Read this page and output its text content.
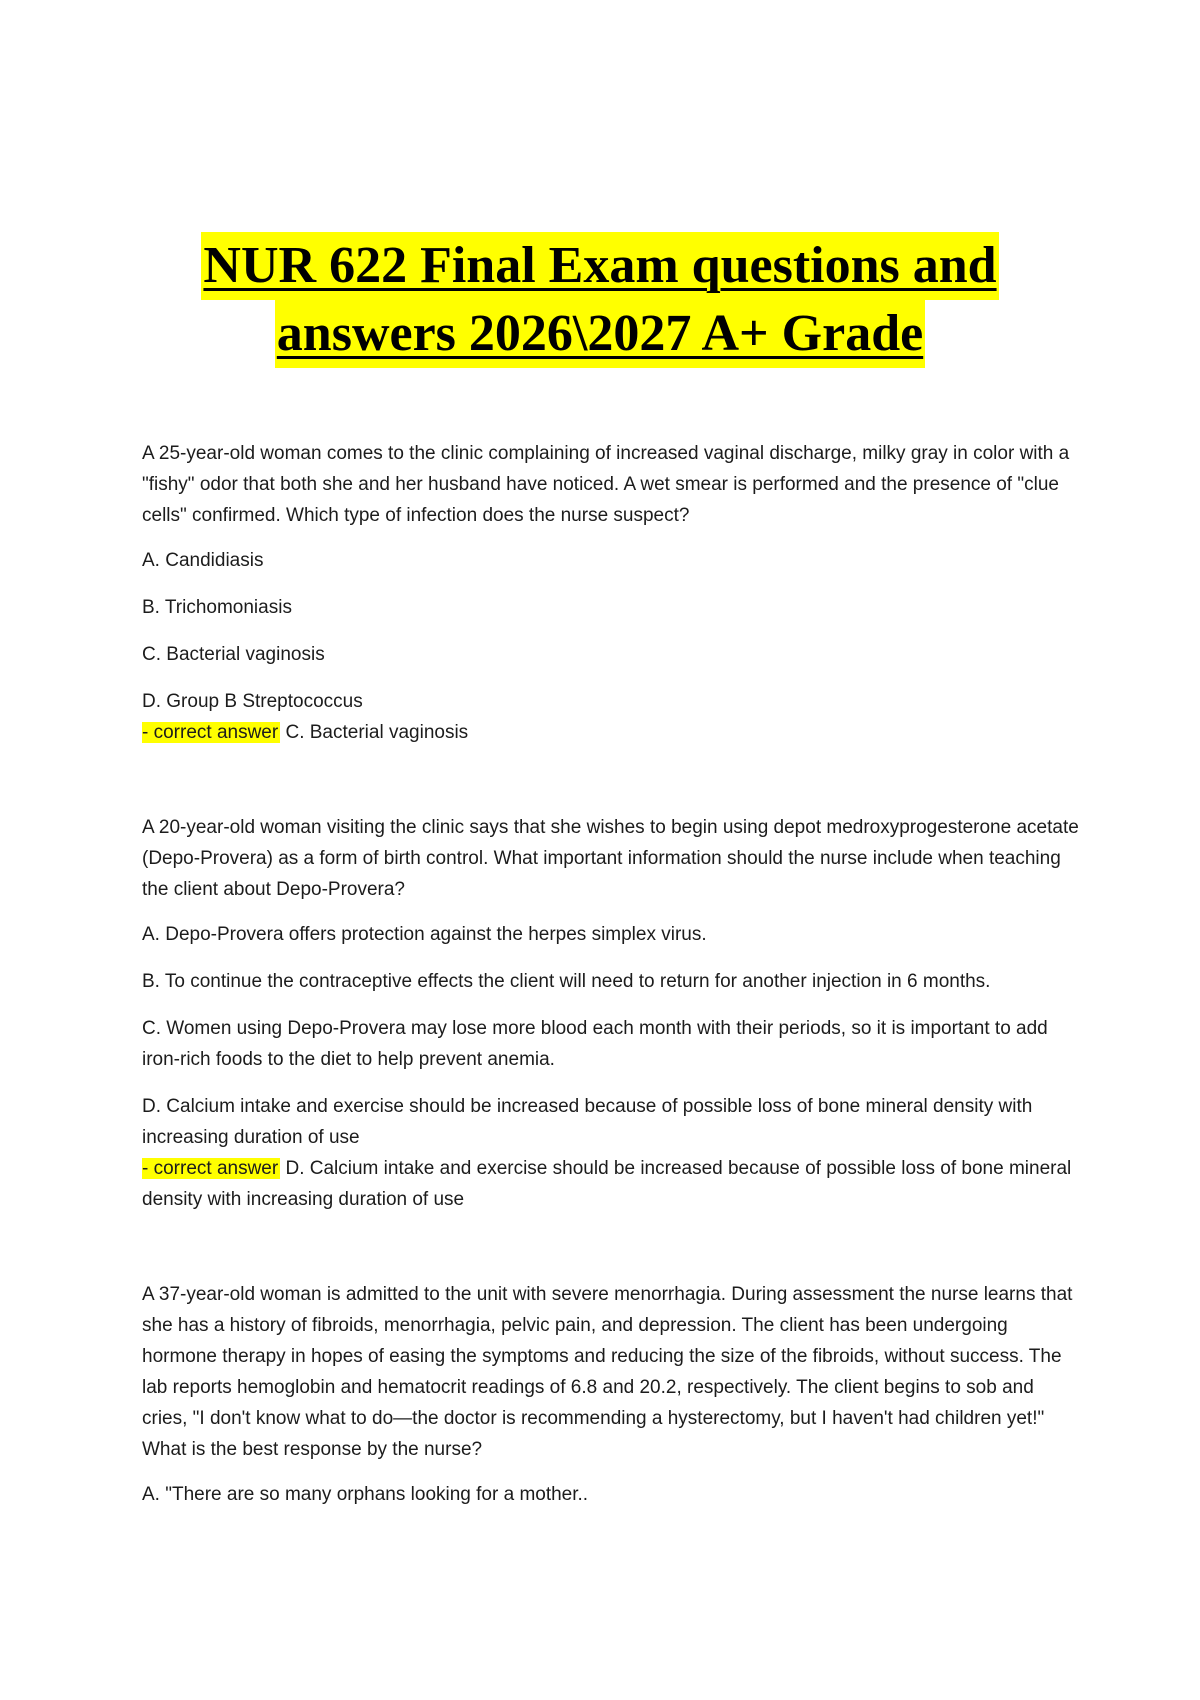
NUR 622 Final Exam questions and
answers 2026\2027 A+ Grade

A 25-year-old woman comes to the clinic complaining of increased vaginal discharge, milky gray in color with a "fishy" odor that both she and her husband have noticed. A wet smear is performed and the presence of "clue cells" confirmed. Which type of infection does the nurse suspect?

A. Candidiasis

B. Trichomoniasis

C. Bacterial vaginosis

D. Group B Streptococcus

- correct answer C. Bacterial vaginosis

A 20-year-old woman visiting the clinic says that she wishes to begin using depot medroxyprogesterone acetate (Depo-Provera) as a form of birth control. What important information should the nurse include when teaching the client about Depo-Provera?

A. Depo-Provera offers protection against the herpes simplex virus.

B. To continue the contraceptive effects the client will need to return for another injection in 6 months.

C. Women using Depo-Provera may lose more blood each month with their periods, so it is important to add iron-rich foods to the diet to help prevent anemia.

D. Calcium intake and exercise should be increased because of possible loss of bone mineral density with increasing duration of use

- correct answer D. Calcium intake and exercise should be increased because of possible loss of bone mineral density with increasing duration of use

A 37-year-old woman is admitted to the unit with severe menorrhagia. During assessment the nurse learns that she has a history of fibroids, menorrhagia, pelvic pain, and depression. The client has been undergoing hormone therapy in hopes of easing the symptoms and reducing the size of the fibroids, without success. The lab reports hemoglobin and hematocrit readings of 6.8 and 20.2, respectively. The client begins to sob and cries, "I don't know what to do—the doctor is recommending a hysterectomy, but I haven't had children yet!" What is the best response by the nurse?

A. "There are so many orphans looking for a mother..
